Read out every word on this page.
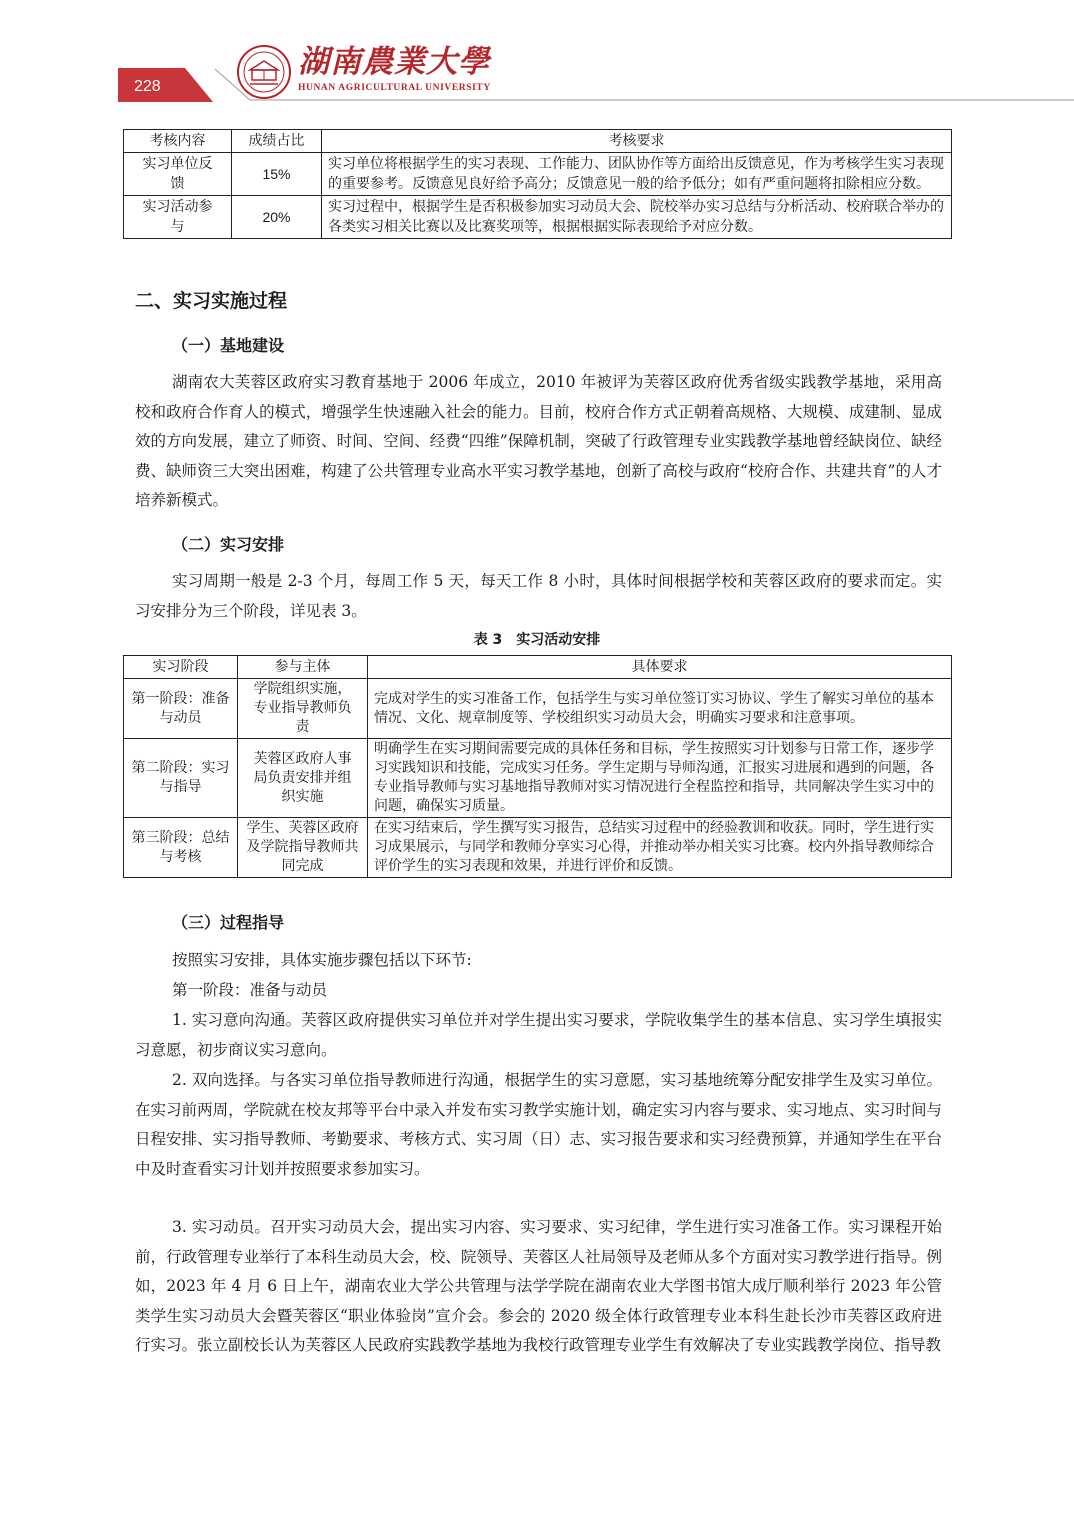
228
湖南農業大學
HUNAN AGRICULTURAL UNIVERSITY
考核内容	成绩占比	考核要求
实习单位反馈	15%	实习单位将根据学生的实习表现、工作能力、团队协作等方面给出反馈意见，作为考核学生实习表现的重要参考。反馈意见良好给予高分；反馈意见一般的给予低分；如有严重问题将扣除相应分数。
实习活动参与	20%	实习过程中，根据学生是否积极参加实习动员大会、院校举办实习总结与分析活动、校府联合举办的各类实习相关比赛以及比赛奖项等，根据根据实际表现给予对应分数。
二、实习实施过程
（一）基地建设

湖南农大芙蓉区政府实习教育基地于 2006 年成立，2010 年被评为芙蓉区政府优秀省级实践教学基地，采用高校和政府合作育人的模式，增强学生快速融入社会的能力。目前，校府合作方式正朝着高规格、大规模、成建制、显成效的方向发展，建立了师资、时间、空间、经费“四维”保障机制，突破了行政管理专业实践教学基地曾经缺岗位、缺经费、缺师资三大突出困难，构建了公共管理专业高水平实习教学基地，创新了高校与政府“校府合作、共建共育”的人才培养新模式。

（二）实习安排

实习周期一般是 2-3 个月，每周工作 5 天，每天工作 8 小时，具体时间根据学校和芙蓉区政府的要求而定。实习安排分为三个阶段，详见表 3。

表 3　实习活动安排
实习阶段	参与主体	具体要求
第一阶段：准备与动员	学院组织实施，专业指导教师负责	完成对学生的实习准备工作，包括学生与实习单位签订实习协议、学生了解实习单位的基本情况、文化、规章制度等、学校组织实习动员大会，明确实习要求和注意事项。
第二阶段：实习与指导	芙蓉区政府人事局负责安排并组织实施	明确学生在实习期间需要完成的具体任务和目标，学生按照实习计划参与日常工作，逐步学习实践知识和技能，完成实习任务。学生定期与导师沟通，汇报实习进展和遇到的问题，各专业指导教师与实习基地指导教师对实习情况进行全程监控和指导，共同解决学生实习中的问题，确保实习质量。
第三阶段：总结与考核	学生、芙蓉区政府及学院指导教师共同完成	在实习结束后，学生撰写实习报告，总结实习过程中的经验教训和收获。同时，学生进行实习成果展示，与同学和教师分享实习心得，并推动举办相关实习比赛。校内外指导教师综合评价学生的实习表现和效果，并进行评价和反馈。
（三）过程指导

按照实习安排，具体实施步骤包括以下环节:

第一阶段：准备与动员

1. 实习意向沟通。芙蓉区政府提供实习单位并对学生提出实习要求，学院收集学生的基本信息、实习学生填报实习意愿，初步商议实习意向。

2. 双向选择。与各实习单位指导教师进行沟通，根据学生的实习意愿，实习基地统筹分配安排学生及实习单位。在实习前两周，学院就在校友邦等平台中录入并发布实习教学实施计划，确定实习内容与要求、实习地点、实习时间与日程安排、实习指导教师、考勤要求、考核方式、实习周（日）志、实习报告要求和实习经费预算，并通知学生在平台中及时查看实习计划并按照要求参加实习。

3. 实习动员。召开实习动员大会，提出实习内容、实习要求、实习纪律，学生进行实习准备工作。实习课程开始前，行政管理专业举行了本科生动员大会，校、院领导、芙蓉区人社局领导及老师从多个方面对实习教学进行指导。例如，2023 年 4 月 6 日上午，湖南农业大学公共管理与法学学院在湖南农业大学图书馆大成厅顺利举行 2023 年公管类学生实习动员大会暨芙蓉区“职业体验岗”宣介会。参会的 2020 级全体行政管理专业本科生赴长沙市芙蓉区政府进行实习。张立副校长认为芙蓉区人民政府实践教学基地为我校行政管理专业学生有效解决了专业实践教学岗位、指导教
